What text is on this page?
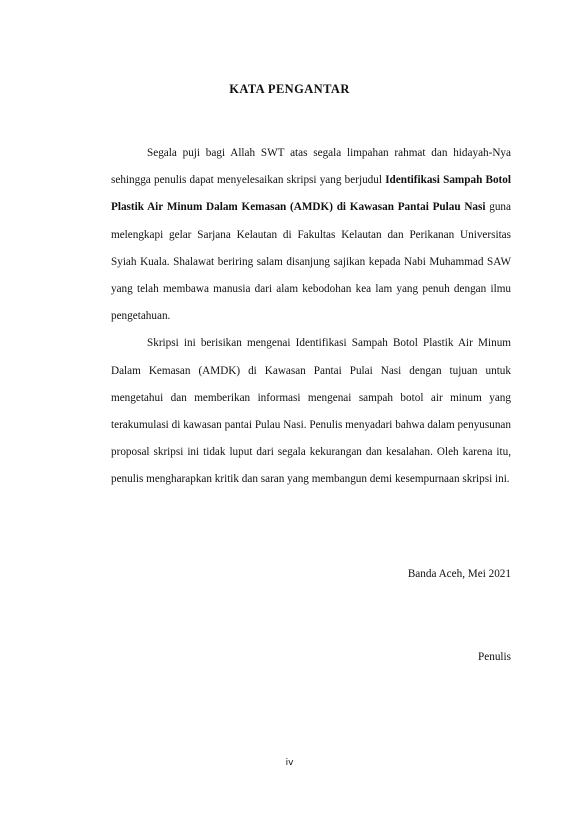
KATA PENGANTAR

Segala puji bagi Allah SWT atas segala limpahan rahmat dan hidayah-Nya sehingga penulis dapat menyelesaikan skripsi yang berjudul Identifikasi Sampah Botol Plastik Air Minum Dalam Kemasan (AMDK) di Kawasan Pantai Pulau Nasi guna melengkapi gelar Sarjana Kelautan di Fakultas Kelautan dan Perikanan Universitas Syiah Kuala. Shalawat beriring salam disanjung sajikan kepada Nabi Muhammad SAW yang telah membawa manusia dari alam kebodohan kea lam yang penuh dengan ilmu pengetahuan.

Skripsi ini berisikan mengenai Identifikasi Sampah Botol Plastik Air Minum Dalam Kemasan (AMDK) di Kawasan Pantai Pulai Nasi dengan tujuan untuk mengetahui dan memberikan informasi mengenai sampah botol air minum yang terakumulasi di kawasan pantai Pulau Nasi. Penulis menyadari bahwa dalam penyusunan proposal skripsi ini tidak luput dari segala kekurangan dan kesalahan. Oleh karena itu, penulis mengharapkan kritik dan saran yang membangun demi kesempurnaan skripsi ini.

Banda Aceh, Mei 2021
Penulis
iv
